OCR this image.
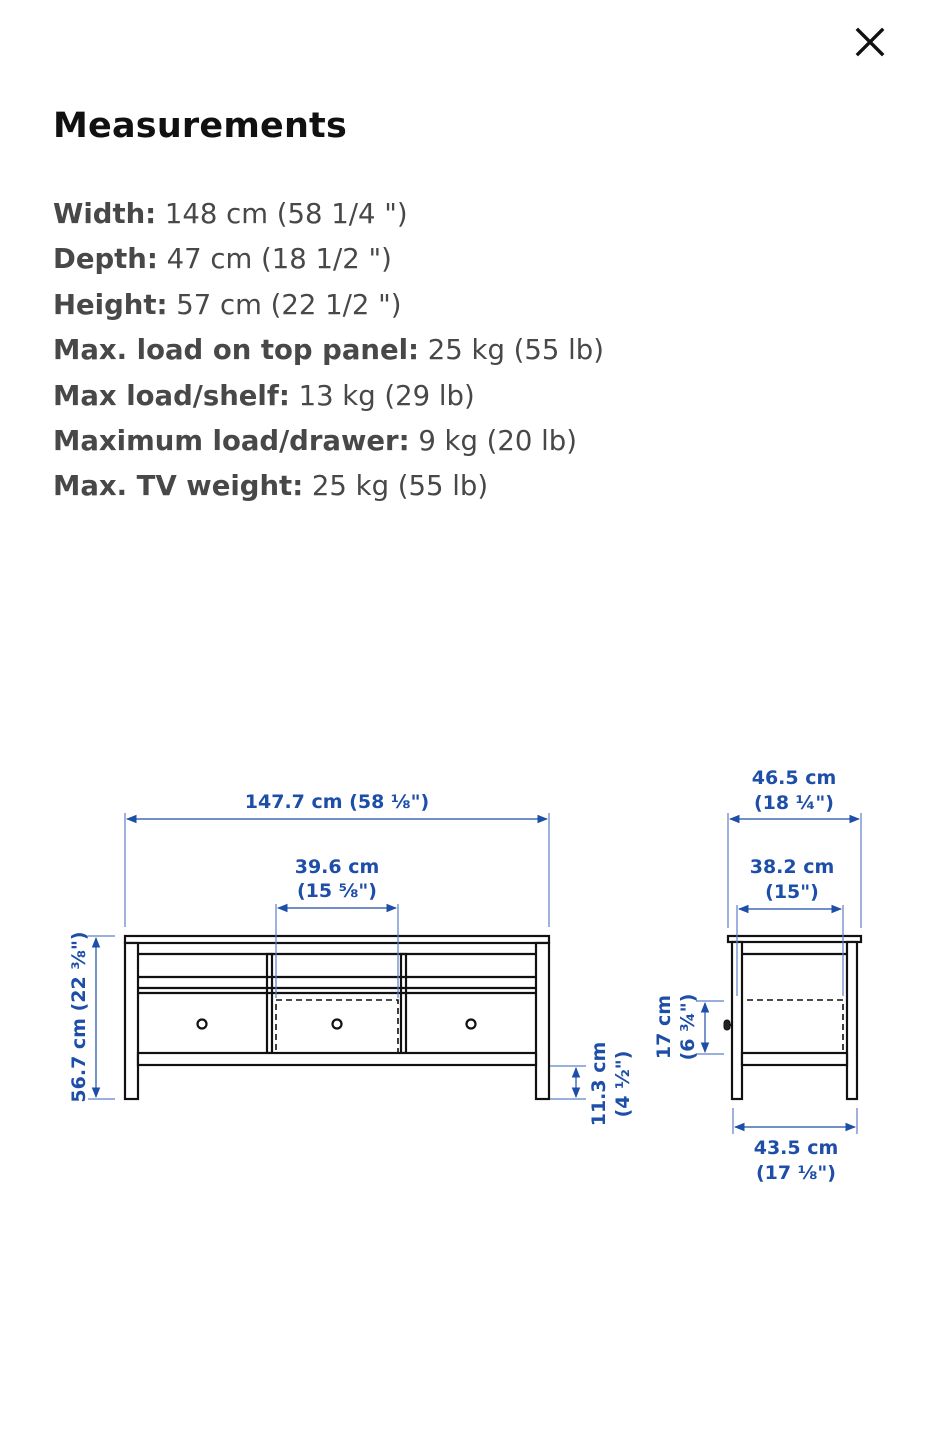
Measurements
Width: 148 cm (58 1/4 ")
Depth: 47 cm (18 1/2 ")
Height: 57 cm (22 1/2 ")
Max. load on top panel: 25 kg (55 lb)
Max load/shelf: 13 kg (29 lb)
Maximum load/drawer: 9 kg (20 lb)
Max. TV weight: 25 kg (55 lb)
147.7 cm (58 ⅛")
39.6 cm
(15 ⅝")
56.7 cm (22 ⅜")	11.3 cm (4 ½")
46.5 cm
(18 ¼")
38.2 cm
(15")
17 cm (6 ¾")
43.5 cm
(17 ⅛")
